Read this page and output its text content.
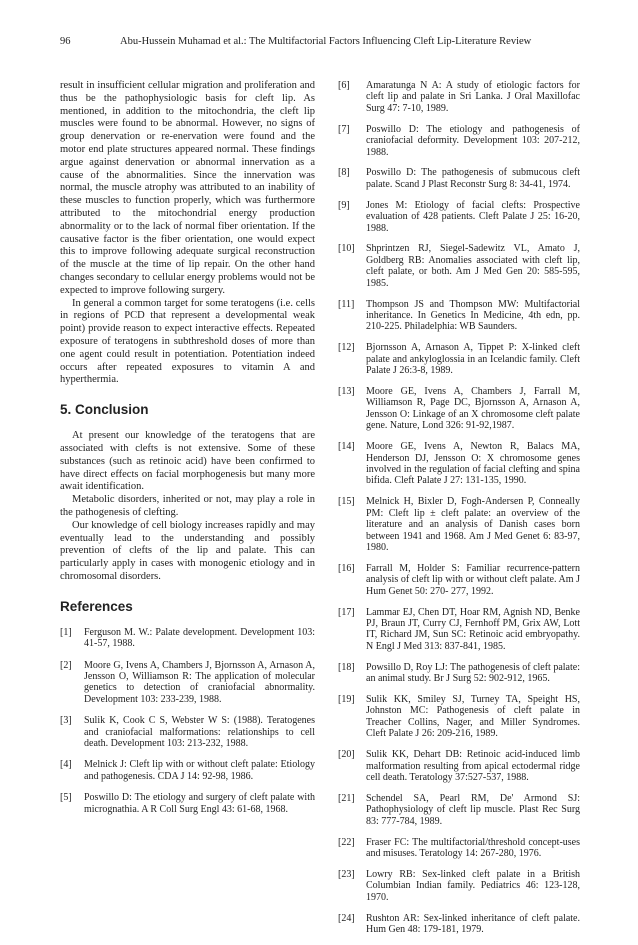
96	Abu-Hussein Muhamad et al.: The Multifactorial Factors Influencing Cleft Lip-Literature Review

result in insufficient cellular migration and proliferation and thus be the pathophysiologic basis for cleft lip. As mentioned, in addition to the mitochondria, the cleft lip muscles were found to be abnormal. However, no signs of group denervation or re-enervation were found and the motor end plate structures appeared normal. These findings argue against denervation or abnormal innervation as a cause of the abnormalities. Since the innervation was normal, the muscle atrophy was attributed to an inability of these muscles to function properly, which was furthermore attributed to the mitochondrial energy production abnormality or to the lack of normal fiber orientation. If the causative factor is the fiber orientation, one would expect this to improve following adequate surgical reconstruction of the muscle at the time of lip repair. On the other hand changes secondary to cellular energy problems would not be expected to improve following surgery.

In general a common target for some teratogens (i.e. cells in regions of PCD that represent a developmental weak point) provide reason to expect interactive effects. Repeated exposure of teratogens in subthreshold doses of more than one agent could result in potentiation. Potentiation indeed occurs after repeated exposures to vitamin A and hyperthermia.

5. Conclusion

At present our knowledge of the teratogens that are associated with clefts is not extensive. Some of these substances (such as retinoic acid) have been confirmed to have direct effects on facial morphogenesis but many more await identification.

Metabolic disorders, inherited or not, may play a role in the pathogenesis of clefting.

Our knowledge of cell biology increases rapidly and may eventually lead to the understanding and possibly prevention of clefts of the lip and palate. This can particularly apply in cases with monogenic etiology and in chromosomal disorders.

References
[1] Ferguson M. W.: Palate development. Development 103: 41-57, 1988.
[2] Moore G, Ivens A, Chambers J, Bjornsson A, Arnason A, Jensson O, Williamson R: The application of molecular genetics to detection of craniofacial abnormality. Development 103: 233-239, 1988.
[3] Sulik K, Cook C S, Webster W S: (1988). Teratogenes and craniofacial malformations: relationships to cell death. Development 103: 213-232, 1988.
[4] Melnick J: Cleft lip with or without cleft palate: Etiology and pathogenesis. CDA J 14: 92-98, 1986.
[5] Poswillo D: The etiology and surgery of cleft palate with micrognathia. A R Coll Surg Engl 43: 61-68, 1968.
[6] Amaratunga N A: A study of etiologic factors for cleft lip and palate in Sri Lanka. J Oral Maxillofac Surg 47: 7-10, 1989.
[7] Poswillo D: The etiology and pathogenesis of craniofacial deformity. Development 103: 207-212, 1988.
[8] Poswillo D: The pathogenesis of submucous cleft palate. Scand J Plast Reconstr Surg 8: 34-41, 1974.
[9] Jones M: Etiology of facial clefts: Prospective evaluation of 428 patients. Cleft Palate J 25: 16-20, 1988.
[10] Shprintzen RJ, Siegel-Sadewitz VL, Amato J, Goldberg RB: Anomalies associated with cleft lip, cleft palate, or both. Am J Med Gen 20: 585-595, 1985.
[11] Thompson JS and Thompson MW: Multifactorial inheritance. In Genetics In Medicine, 4th edn, pp. 210-225. Philadelphia: WB Saunders.
[12] Bjornsson A, Arnason A, Tippet P: X-linked cleft palate and ankyloglossia in an Icelandic family. Cleft Palate J 26:3-8, 1989.
[13] Moore GE, Ivens A, Chambers J, Farrall M, Williamson R, Page DC, Bjornsson A, Arnason A, Jensson O: Linkage of an X chromosome cleft palate gene. Nature, Lond 326: 91-92,1987.
[14] Moore GE, Ivens A, Newton R, Balacs MA, Henderson DJ, Jensson O: X chromosome genes involved in the regulation of facial clefting and spina bifida. Cleft Palate J 27: 131-135, 1990.
[15] Melnick H, Bixler D, Fogh-Andersen P, Conneally PM: Cleft lip ± cleft palate: an overview of the literature and an analysis of Danish cases born between 1941 and 1968. Am J Med Genet 6: 83-97, 1980.
[16] Farrall M, Holder S: Familiar recurrence-pattern analysis of cleft lip with or without cleft palate. Am J Hum Genet 50: 270- 277, 1992.
[17] Lammar EJ, Chen DT, Hoar RM, Agnish ND, Benke PJ, Braun JT, Curry CJ, Fernhoff PM, Grix AW, Lott IT, Richard JM, Sun SC: Retinoic acid embryopathy. N Engl J Med 313: 837-841, 1985.
[18] Powsillo D, Roy LJ: The pathogenesis of cleft palate: an animal study. Br J Surg 52: 902-912, 1965.
[19] Sulik KK, Smiley SJ, Turney TA, Speight HS, Johnston MC: Pathogenesis of cleft palate in Treacher Collins, Nager, and Miller Syndromes. Cleft Palate J 26: 209-216, 1989.
[20] Sulik KK, Dehart DB: Retinoic acid-induced limb malformation resulting from apical ectodermal ridge cell death. Teratology 37:527-537, 1988.
[21] Schendel SA, Pearl RM, De' Armond SJ: Pathophysiology of cleft lip muscle. Plast Rec Surg 83: 777-784, 1989.
[22] Fraser FC: The multifactorial/threshold concept-uses and misuses. Teratology 14: 267-280, 1976.
[23] Lowry RB: Sex-linked cleft palate in a British Columbian Indian family. Pediatrics 46: 123-128, 1970.
[24] Rushton AR: Sex-linked inheritance of cleft palate. Hum Gen 48: 179-181, 1979.
